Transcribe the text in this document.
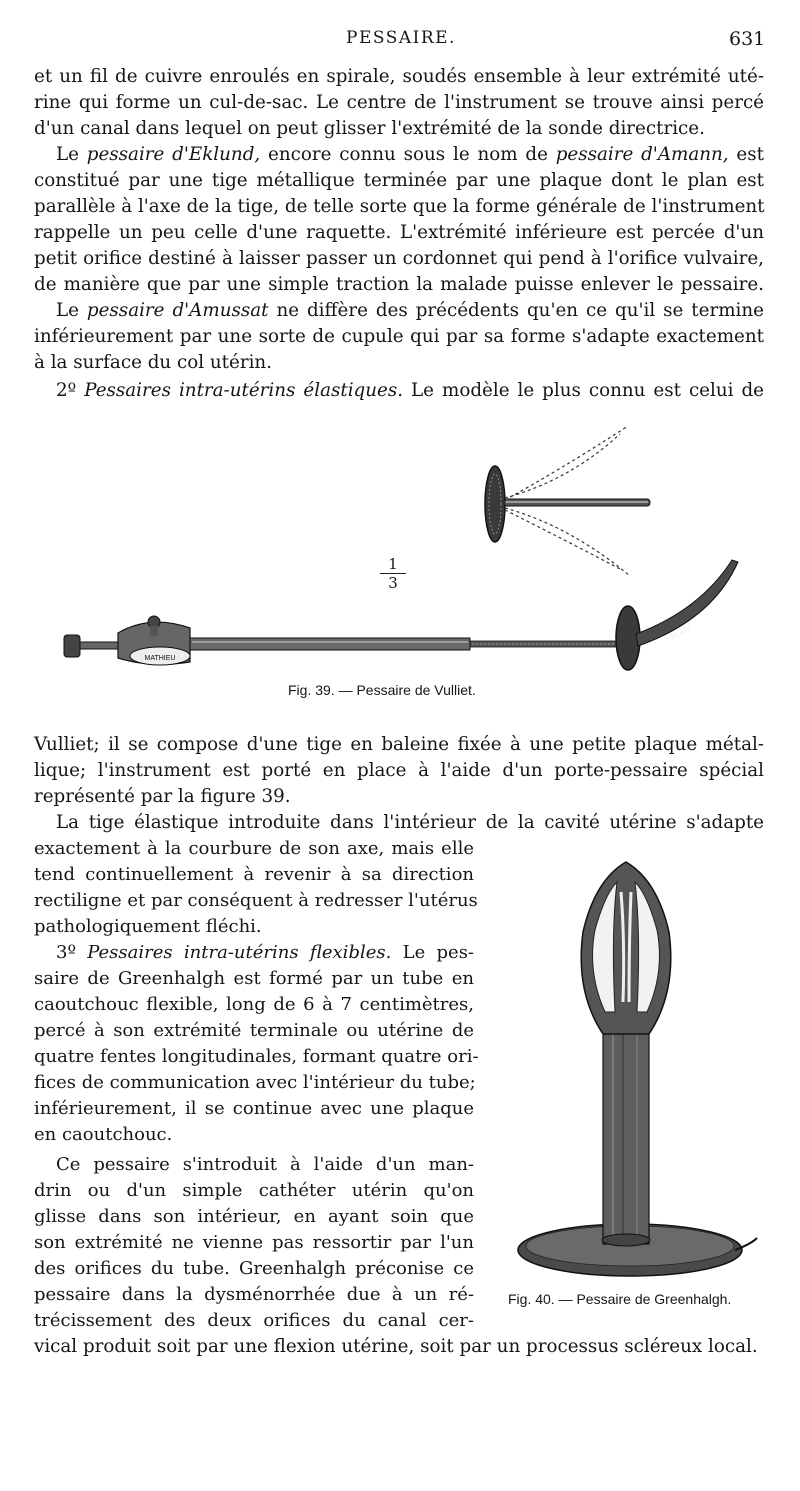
PESSAIRE.	631
et un fil de cuivre enroulés en spirale, soudés ensemble à leur extrémité uté-
rine qui forme un cul-de-sac. Le centre de l'instrument se trouve ainsi percé
d'un canal dans lequel on peut glisser l'extrémité de la sonde directrice.
Le pessaire d'Eklund, encore connu sous le nom de pessaire d'Amann, est
constitué par une tige métallique terminée par une plaque dont le plan est
parallèle à l'axe de la tige, de telle sorte que la forme générale de l'instrument
rappelle un peu celle d'une raquette. L'extrémité inférieure est percée d'un
petit orifice destiné à laisser passer un cordonnet qui pend à l'orifice vulvaire,
de manière que par une simple traction la malade puisse enlever le pessaire.
Le pessaire d'Amussat ne diffère des précédents qu'en ce qu'il se termine
inférieurement par une sorte de cupule qui par sa forme s'adapte exactement
à la surface du col utérin.
2º Pessaires intra-utérins élastiques. Le modèle le plus connu est celui de
MATHIEU
PLAN
1
3
Fig. 39. — Pessaire de Vulliet.
Vulliet; il se compose d'une tige en baleine fixée à une petite plaque métal-
lique; l'instrument est porté en place à l'aide d'un porte-pessaire spécial
représenté par la figure 39.
La tige élastique introduite dans l'intérieur de la cavité utérine s'adapte
exactement à la courbure de son axe, mais elle
tend continuellement à revenir à sa direction
rectiligne et par conséquent à redresser l'utérus
pathologiquement fléchi.
3º Pessaires intra-utérins flexibles. Le pes-
saire de Greenhalgh est formé par un tube en
caoutchouc flexible, long de 6 à 7 centimètres,
percé à son extrémité terminale ou utérine de
quatre fentes longitudinales, formant quatre ori-
fices de communication avec l'intérieur du tube;
inférieurement, il se continue avec une plaque
en caoutchouc.
Ce pessaire s'introduit à l'aide d'un man-
drin ou d'un simple cathéter utérin qu'on
glisse dans son intérieur, en ayant soin que
son extrémité ne vienne pas ressortir par l'un
des orifices du tube. Greenhalgh préconise ce
pessaire dans la dysménorrhée due à un ré-
trécissement des deux orifices du canal cer-
vical produit soit par une flexion utérine, soit par un processus scléreux local.
Fig. 40. — Pessaire de Greenhalgh.
